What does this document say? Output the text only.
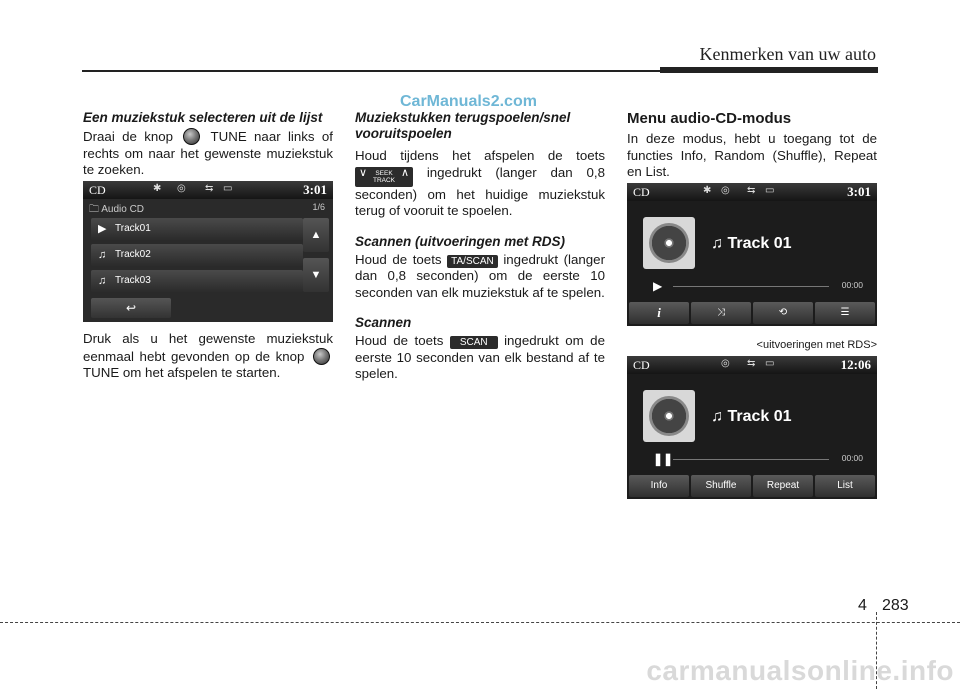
Kenmerken van uw auto
CarManuals2.com
Een muziekstuk selecteren uit de lijst
Draai de knop	TUNE naar links of rechts om naar het gewenste muziekstuk te zoeken.
CD	✱ ◎ ⇆ ▭	3:01
🗀 Audio CD	1/6
▶ Track01
♫ Track02
♫ Track03
▲
▼
↩
Druk als u het gewenste muziekstuk eenmaal hebt gevonden op de knop  TUNE om het afspelen te starten.
Muziekstukken terugspoelen/snel vooruitspoelen
Houd tijdens het afspelen de toets ∨ SEEK
TRACK ∧ ingedrukt (langer dan 0,8 seconden) om het huidige muziekstuk terug of vooruit te spoelen.
Scannen (uitvoeringen met RDS)
Houd de toets TA/SCAN ingedrukt (langer dan 0,8 seconden) om de eerste 10 seconden van elk muziekstuk af te spelen.
Scannen
Houd de toets SCAN ingedrukt om de eerste 10 seconden van elk bestand af te spelen.
Menu audio-CD-modus
In deze modus, hebt u toegang tot de functies Info, Random (Shuffle), Repeat en List.
CD	✱ ◎ ⇆ ▭	3:01
♫ Track 01
▶	00:00
i	⤨	⟲	☰
<uitvoeringen met RDS>
CD	◎ ⇆ ▭	12:06
♫ Track 01
❚❚	00:00
Info	Shuffle	Repeat	List
4 283
carmanualsonline.info
